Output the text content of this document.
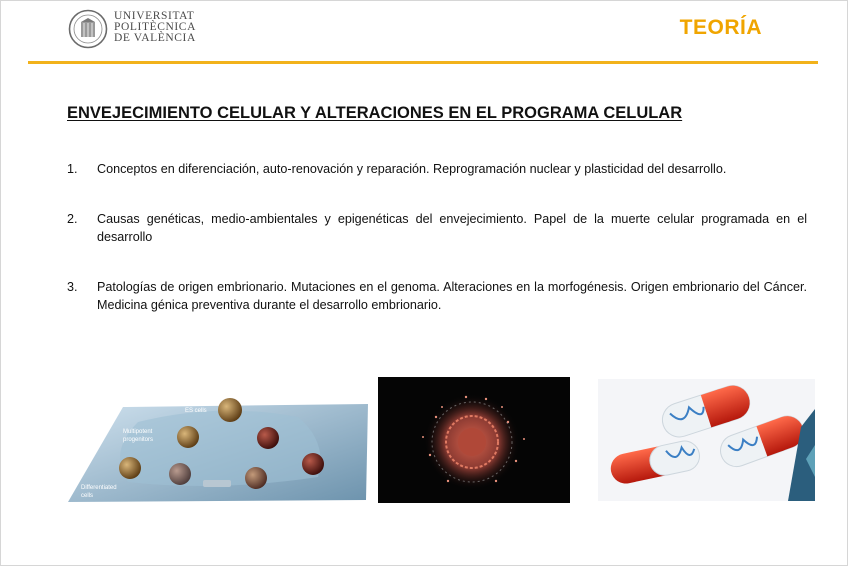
UNIVERSITAT
POLITÈCNICA
DE VALÈNCIA	TEORÍA
ENVEJECIMIENTO CELULAR Y ALTERACIONES EN EL PROGRAMA CELULAR
1. Conceptos en diferenciación, auto-renovación y reparación. Reprogramación nuclear y plasticidad del desarrollo.
2. Causas genéticas, medio-ambientales y epigenéticas del envejecimiento. Papel de la muerte celular programada en el desarrollo
3. Patologías de origen embrionario. Mutaciones en el genoma. Alteraciones en la morfogénesis. Origen embrionario del Cáncer. Medicina génica preventiva durante el desarrollo embrionario.
ES cells
Multipotent
progenitors
Differentiated
cells
